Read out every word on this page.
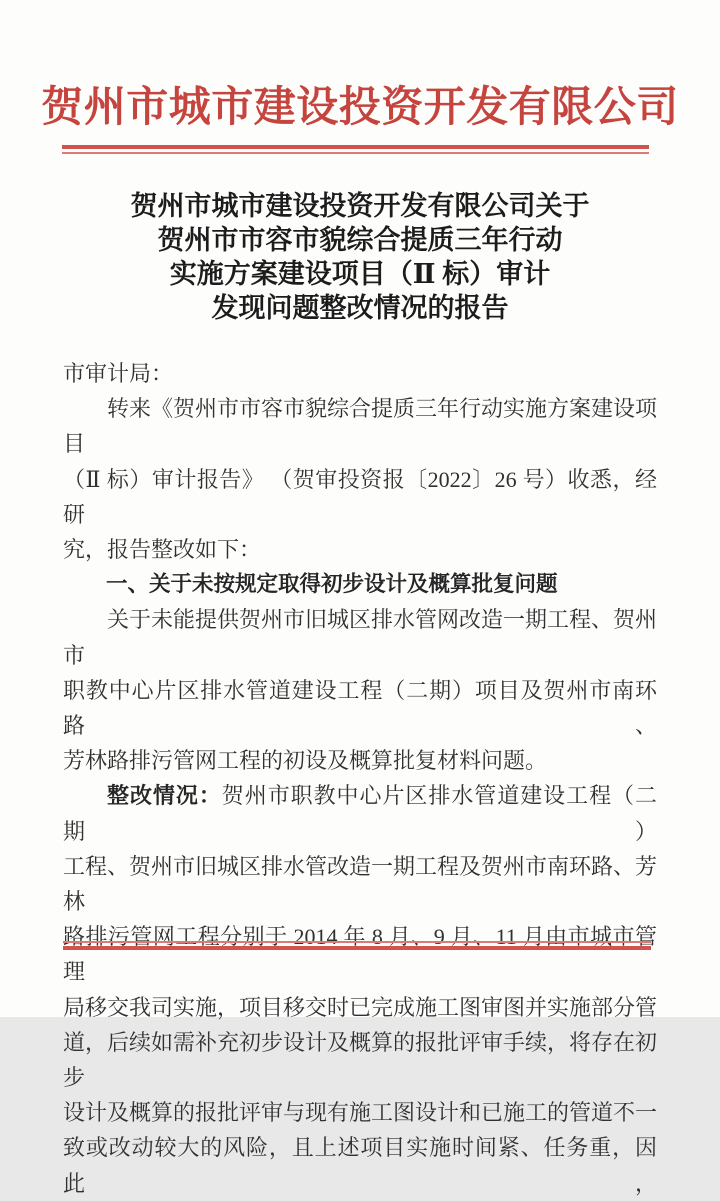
贺州市城市建设投资开发有限公司
贺州市城市建设投资开发有限公司关于
贺州市市容市貌综合提质三年行动
实施方案建设项目（Ⅱ 标）审计
发现问题整改情况的报告
市审计局：
转来《贺州市市容市貌综合提质三年行动实施方案建设项目
（Ⅱ 标）审计报告》 （贺审投资报〔2022〕26 号）收悉，经研
究，报告整改如下：
一、关于未按规定取得初步设计及概算批复问题
关于未能提供贺州市旧城区排水管网改造一期工程、贺州市
职教中心片区排水管道建设工程（二期）项目及贺州市南环路、
芳林路排污管网工程的初设及概算批复材料问题。
整改情况：贺州市职教中心片区排水管道建设工程（二期）
工程、贺州市旧城区排水管改造一期工程及贺州市南环路、芳林
路排污管网工程分别于 2014 年 8 月、9 月、11 月由市城市管理
局移交我司实施，项目移交时已完成施工图审图并实施部分管
道，后续如需补充初步设计及概算的报批评审手续，将存在初步
设计及概算的报批评审与现有施工图设计和已施工的管道不一
致或改动较大的风险，且上述项目实施时间紧、任务重，因此，
